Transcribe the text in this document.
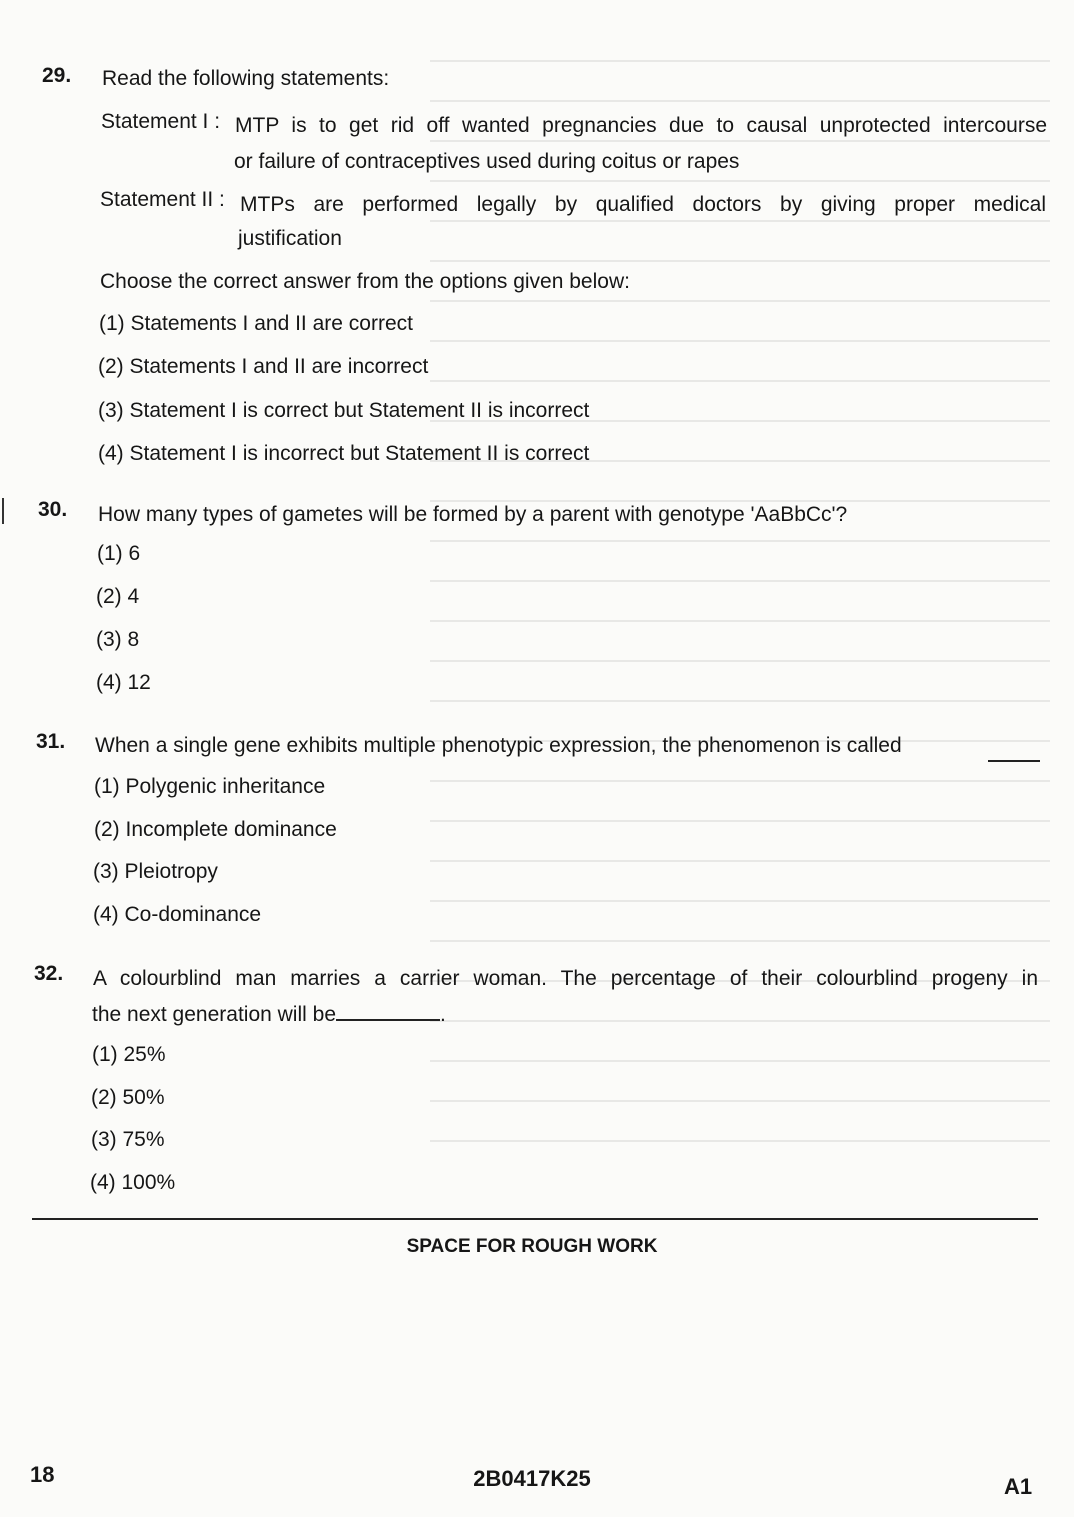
29. Read the following statements:
Statement I : MTP is to get rid off wanted pregnancies due to causal unprotected intercourse
or failure of contraceptives used during coitus or rapes
Statement II : MTPs are performed legally by qualified doctors by giving proper medical
justification
Choose the correct answer from the options given below:
(1) Statements I and II are correct
(2) Statements I and II are incorrect
(3) Statement I is correct but Statement II is incorrect
(4) Statement I is incorrect but Statement II is correct
30. How many types of gametes will be formed by a parent with genotype 'AaBbCc'?
(1) 6
(2) 4
(3) 8
(4) 12
31. When a single gene exhibits multiple phenotypic expression, the phenomenon is called
(1) Polygenic inheritance
(2) Incomplete dominance
(3) Pleiotropy
(4) Co-dominance
32. A colourblind man marries a carrier woman. The percentage of their colourblind progeny in
the next generation will be	.
(1) 25%
(2) 50%
(3) 75%
(4) 100%
SPACE FOR ROUGH WORK
18	2B0417K25	A1
